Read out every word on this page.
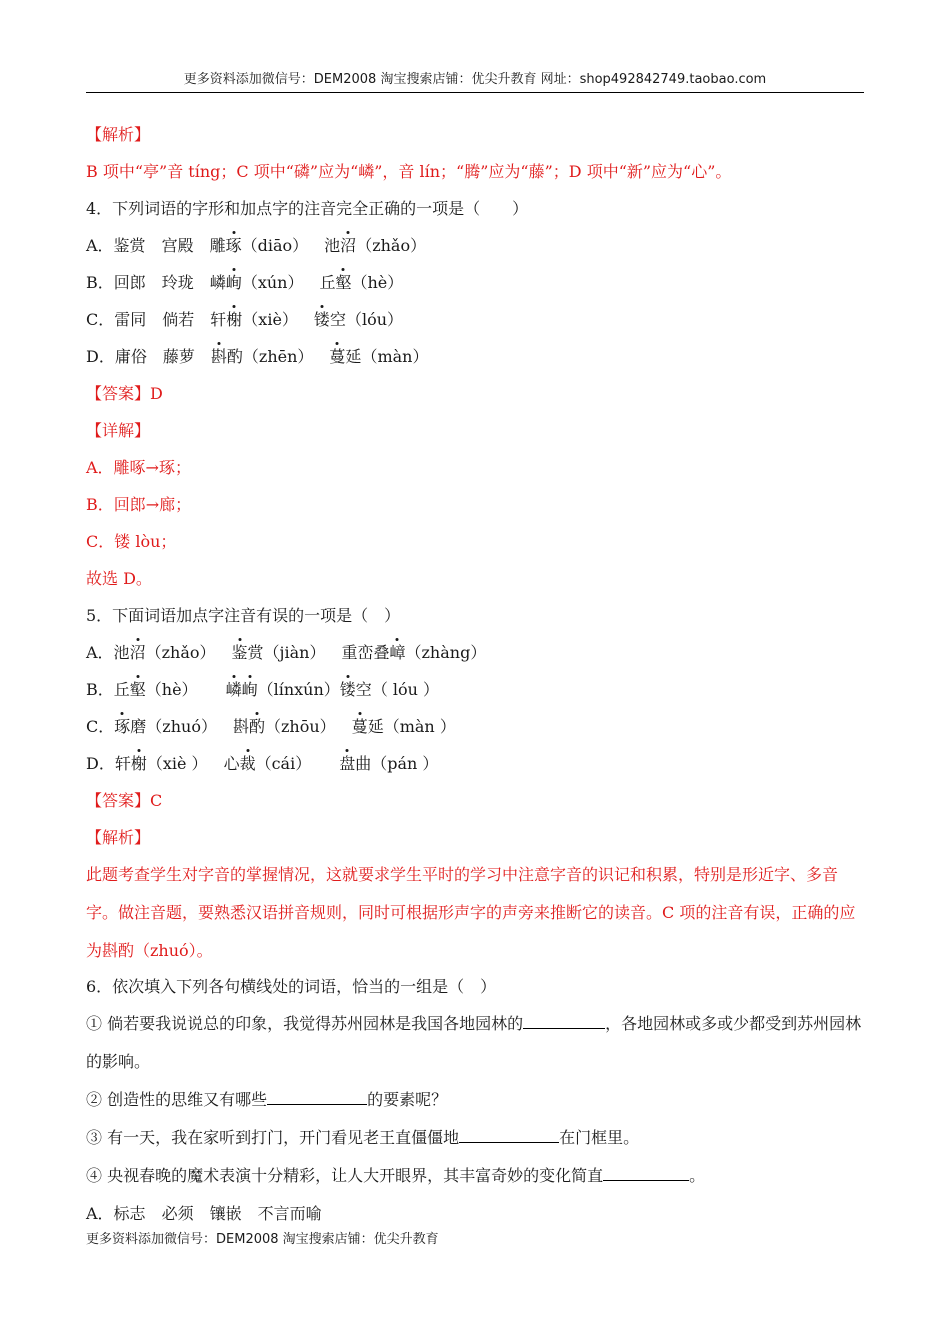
更多资料添加微信号：DEM2008 淘宝搜索店铺：优尖升教育 网址：shop492842749.taobao.com
【解析】
B 项中“亭”音 tíng；C 项中“磷”应为“嶙”，音 lín；“腾”应为“藤”；D 项中“新”应为“心”。
4．下列词语的字形和加点字的注音完全正确的一项是（　　）
A．鉴赏 宫殿 雕琢（diāo） 池沼（zhǎo）
B．回郎 玲珑 嶙峋（xún） 丘壑（hè）
C．雷同 倘若 轩榭（xiè） 镂空（lóu）
D．庸俗 藤萝 斟酌（zhēn） 蔓延（màn）
【答案】D
【详解】
A．雕啄→琢；
B．回郎→廊；
C．镂 lòu；
故选 D。
5．下面词语加点字注音有误的一项是（　）
A．池沼（zhǎo） 鉴赏（jiàn） 重峦叠嶂（zhàng）
B．丘壑（hè） 嶙峋（línxún）镂空（ lóu ）
C．琢磨（zhuó） 斟酌（zhōu） 蔓延（màn ）
D．轩榭（xiè ） 心裁（cái） 盘曲（pán ）
【答案】C
【解析】
此题考查学生对字音的掌握情况，这就要求学生平时的学习中注意字音的识记和积累，特别是形近字、多音字。做注音题，要熟悉汉语拼音规则，同时可根据形声字的声旁来推断它的读音。C 项的注音有误，正确的应为斟酌（zhuó）。
6．依次填入下列各句横线处的词语，恰当的一组是（　）
① 倘若要我说说总的印象，我觉得苏州园林是我国各地园林的	，各地园林或多或少都受到苏州园林的影响。
② 创造性的思维又有哪些	的要素呢？
③ 有一天，我在家听到打门，开门看见老王直僵僵地	在门框里。
④ 央视春晚的魔术表演十分精彩，让人大开眼界，其丰富奇妙的变化简直	。
A．标志 必须 镶嵌 不言而喻
更多资料添加微信号：DEM2008 淘宝搜索店铺：优尖升教育
